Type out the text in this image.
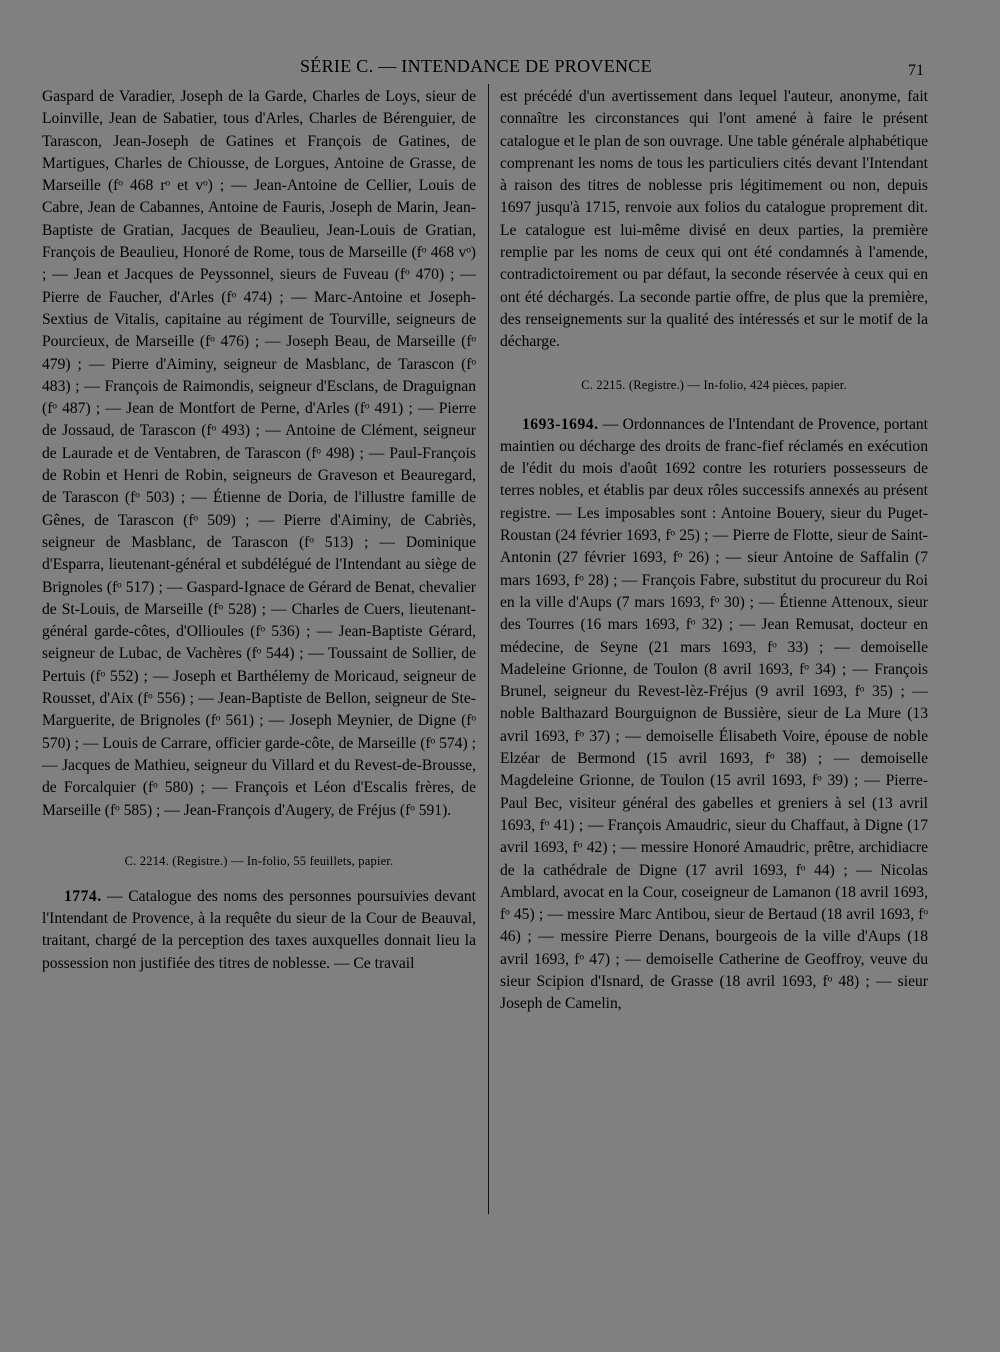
SÉRIE C. — INTENDANCE DE PROVENCE	71

Gaspard de Varadier, Joseph de la Garde, Charles de Loys, sieur de Loinville, Jean de Sabatier, tous d'Arles, Charles de Bérenguier, de Tarascon, Jean-Joseph de Gatines et François de Gatines, de Martigues, Charles de Chiousse, de Lorgues, Antoine de Grasse, de Marseille (fᵒ 468 rᵒ et vᵒ) ; — Jean-Antoine de Cellier, Louis de Cabre, Jean de Cabannes, Antoine de Fauris, Joseph de Marin, Jean-Baptiste de Gratian, Jacques de Beaulieu, Jean-Louis de Gratian, François de Beaulieu, Honoré de Rome, tous de Marseille (fᵒ 468 vᵒ) ; — Jean et Jacques de Peyssonnel, sieurs de Fuveau (fᵒ 470) ; — Pierre de Faucher, d'Arles (fᵒ 474) ; — Marc-Antoine et Joseph-Sextius de Vitalis, capitaine au régiment de Tourville, seigneurs de Pourcieux, de Marseille (fᵒ 476) ; — Joseph Beau, de Marseille (fᵒ 479) ; — Pierre d'Aiminy, seigneur de Masblanc, de Tarascon (fᵒ 483) ; — François de Raimondis, seigneur d'Esclans, de Draguignan (fᵒ 487) ; — Jean de Montfort de Perne, d'Arles (fᵒ 491) ; — Pierre de Jossaud, de Tarascon (fᵒ 493) ; — Antoine de Clément, seigneur de Laurade et de Ventabren, de Tarascon (fᵒ 498) ; — Paul-François de Robin et Henri de Robin, seigneurs de Graveson et Beauregard, de Tarascon (fᵒ 503) ; — Étienne de Doria, de l'illustre famille de Gênes, de Tarascon (fᵒ 509) ; — Pierre d'Aiminy, de Cabriès, seigneur de Masblanc, de Tarascon (fᵒ 513) ; — Dominique d'Esparra, lieutenant-général et subdélégué de l'Intendant au siège de Brignoles (fᵒ 517) ; — Gaspard-Ignace de Gérard de Benat, chevalier de St-Louis, de Marseille (fᵒ 528) ; — Charles de Cuers, lieutenant-général garde-côtes, d'Ollioules (fᵒ 536) ; — Jean-Baptiste Gérard, seigneur de Lubac, de Vachères (fᵒ 544) ; — Toussaint de Sollier, de Pertuis (fᵒ 552) ; — Joseph et Barthélemy de Moricaud, seigneur de Rousset, d'Aix (fᵒ 556) ; — Jean-Baptiste de Bellon, seigneur de Ste-Marguerite, de Brignoles (fᵒ 561) ; — Joseph Meynier, de Digne (fᵒ 570) ; — Louis de Carrare, officier garde-côte, de Marseille (fᵒ 574) ; — Jacques de Mathieu, seigneur du Villard et du Revest-de-Brousse, de Forcalquier (fᵒ 580) ; — François et Léon d'Escalis frères, de Marseille (fᵒ 585) ; — Jean-François d'Augery, de Fréjus (fᵒ 591).

C. 2214. (Registre.) — In-folio, 55 feuillets, papier.

1774. — Catalogue des noms des personnes poursuivies devant l'Intendant de Provence, à la requête du sieur de la Cour de Beauval, traitant, chargé de la perception des taxes auxquelles donnait lieu la possession non justifiée des titres de noblesse. — Ce travail

est précédé d'un avertissement dans lequel l'auteur, anonyme, fait connaître les circonstances qui l'ont amené à faire le présent catalogue et le plan de son ouvrage. Une table générale alphabétique comprenant les noms de tous les particuliers cités devant l'Intendant à raison des titres de noblesse pris légitimement ou non, depuis 1697 jusqu'à 1715, renvoie aux folios du catalogue proprement dit. Le catalogue est lui-même divisé en deux parties, la première remplie par les noms de ceux qui ont été condamnés à l'amende, contradictoirement ou par défaut, la seconde réservée à ceux qui en ont été déchargés. La seconde partie offre, de plus que la première, des renseignements sur la qualité des intéressés et sur le motif de la décharge.

C. 2215. (Registre.) — In-folio, 424 pièces, papier.

1693-1694. — Ordonnances de l'Intendant de Provence, portant maintien ou décharge des droits de franc-fief réclamés en exécution de l'édit du mois d'août 1692 contre les roturiers possesseurs de terres nobles, et établis par deux rôles successifs annexés au présent registre. — Les imposables sont : Antoine Bouery, sieur du Puget-Roustan (24 février 1693, fᵒ 25) ; — Pierre de Flotte, sieur de Saint-Antonin (27 février 1693, fᵒ 26) ; — sieur Antoine de Saffalin (7 mars 1693, fᵒ 28) ; — François Fabre, substitut du procureur du Roi en la ville d'Aups (7 mars 1693, fᵒ 30) ; — Étienne Attenoux, sieur des Tourres (16 mars 1693, fᵒ 32) ; — Jean Remusat, docteur en médecine, de Seyne (21 mars 1693, fᵒ 33) ; — demoiselle Madeleine Grionne, de Toulon (8 avril 1693, fᵒ 34) ; — François Brunel, seigneur du Revest-lèz-Fréjus (9 avril 1693, fᵒ 35) ; — noble Balthazard Bourguignon de Bussière, sieur de La Mure (13 avril 1693, fᵒ 37) ; — demoiselle Élisabeth Voire, épouse de noble Elzéar de Bermond (15 avril 1693, fᵒ 38) ; — demoiselle Magdeleine Grionne, de Toulon (15 avril 1693, fᵒ 39) ; — Pierre-Paul Bec, visiteur général des gabelles et greniers à sel (13 avril 1693, fᵒ 41) ; — François Amaudric, sieur du Chaffaut, à Digne (17 avril 1693, fᵒ 42) ; — messire Honoré Amaudric, prêtre, archidiacre de la cathédrale de Digne (17 avril 1693, fᵒ 44) ; — Nicolas Amblard, avocat en la Cour, coseigneur de Lamanon (18 avril 1693, fᵒ 45) ; — messire Marc Antibou, sieur de Bertaud (18 avril 1693, fᵒ 46) ; — messire Pierre Denans, bourgeois de la ville d'Aups (18 avril 1693, fᵒ 47) ; — demoiselle Catherine de Geoffroy, veuve du sieur Scipion d'Isnard, de Grasse (18 avril 1693, fᵒ 48) ; — sieur Joseph de Camelin,
